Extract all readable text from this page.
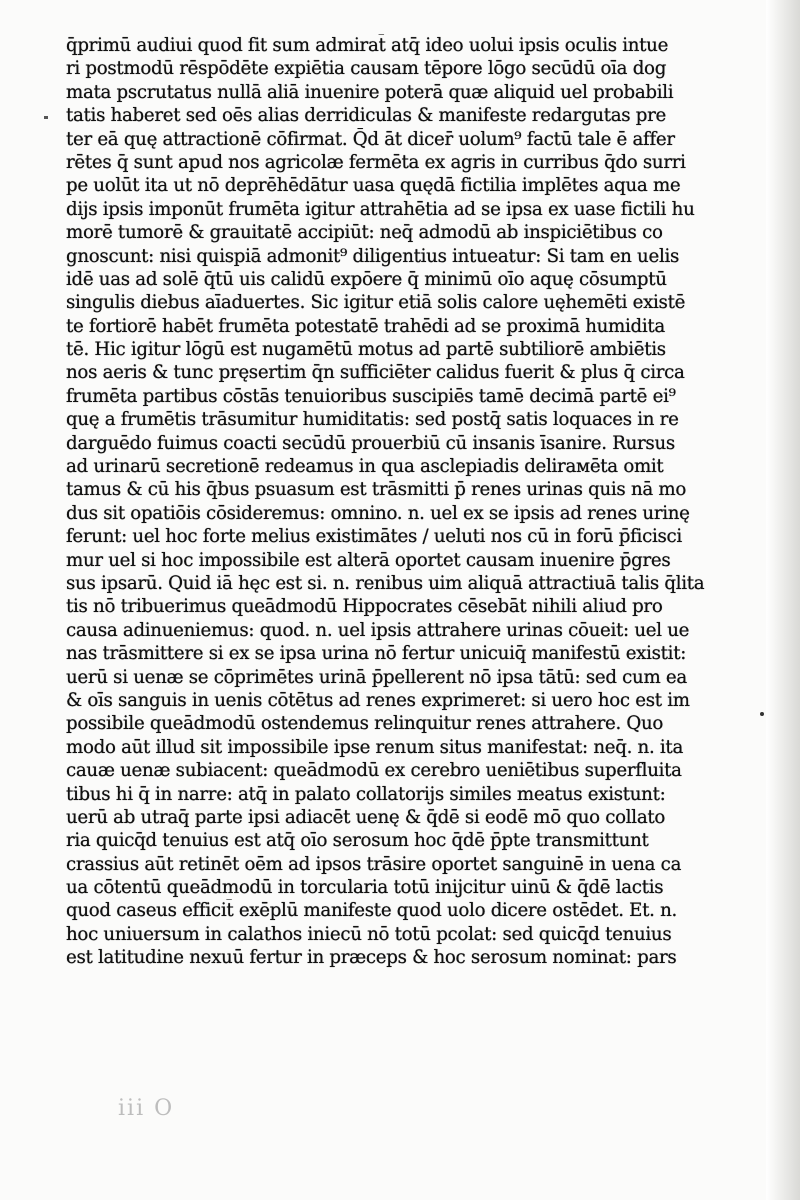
q̄primū audiui quod fit sum admirat̄ atq̄ ideo uolui ipsis oculis intue
ri postmodū rēspōdēte expiētia causam tēpore lōgo secūdū oīa dog
mata pscrutatus nullā aliā inuenire poterā quæ aliquid uel probabili
tatis haberet sed oēs alias derridiculas & manifeste redargutas pre
ter eā quę attractionē cōfirmat. Q̄d āt dicer̄ uolum⁹ factū tale ē affer
rētes q̄ sunt apud nos agricolæ fermēta ex agris in curribus q̄do surri
pe uolūt ita ut nō deprēhēdātur uasa quędā fictilia implētes aqua me
dijs ipsis imponūt frumēta igitur attrahētia ad se ipsa ex uase fictili hu
morē tumorē & grauitatē accipiūt: neq̄ admodū ab inspiciētibus co
gnoscunt: nisi quispiā admonit⁹ diligentius intueatur: Si tam en uelis
idē uas ad solē q̄tū uis calidū expōere q̄ minimū oīo aquę cōsumptū
singulis diebus aīaduertes. Sic igitur etiā solis calore uęhemēti existē
te fortiorē habēt frumēta potestatē trahēdi ad se proximā humidita
tē. Hic igitur lōgū est nugamētū motus ad partē subtiliorē ambiētis
nos aeris & tunc pręsertim q̄n sufficiēter calidus fuerit & plus q̄ circa
frumēta partibus cōstās tenuioribus suscipiēs tamē decimā partē ei⁹
quę a frumētis trāsumitur humiditatis: sed postq̄ satis loquaces in re
darguēdo fuimus coacti secūdū prouerbiū cū insanis īsanire. Rursus
ad urinarū secretionē redeamus in qua asclepiadis delirамēta omit
tamus & cū his q̄bus psuasum est trāsmitti p̄ renes urinas quis nā mo
dus sit opatiōis cōsideremus: omnino. n. uel ex se ipsis ad renes urinę
ferunt: uel hoc forte melius existimātes / ueluti nos cū in forū p̄ficisci
mur uel si hoc impossibile est alterā oportet causam inuenire p̄gres
sus ipsarū. Quid iā hęc est si. n. renibus uim aliquā attractiuā talis q̄lita
tis nō tribuerimus queādmodū Hippocrates cēsebāt nihili aliud pro
causa adinueniemus: quod. n. uel ipsis attrahere urinas cōueit: uel ue
nas trāsmittere si ex se ipsa urina nō fertur unicuiq̄ manifestū existit:
uerū si uenæ se cōprimētes urinā p̄pellerent nō ipsa tātū: sed cum ea
& oīs sanguis in uenis cōtētus ad renes exprimeret: si uero hoc est im
possibile queādmodū ostendemus relinquitur renes attrahere. Quo
modo aūt illud sit impossibile ipse renum situs manifestat: neq̄. n. ita
cauæ uenæ subiacent: queādmodū ex cerebro ueniētibus superfluita
tibus hi q̄ in narre: atq̄ in palato collatorijs similes meatus existunt:
uerū ab utraq̄ parte ipsi adiacēt uenę & q̄dē si eodē mō quo collato
ria quicq̄d tenuius est atq̄ oīo serosum hoc q̄dē p̄pte transmittunt
crassius aūt retinēt oēm ad ipsos trāsire oportet sanguinē in uena ca
ua cōtentū queādmodū in torcularia totū inijcitur uinū & q̄dē lactis
quod caseus efficit̄ exēplū manifeste quod uolo dicere ostēdet. Et. n.
hoc uniuersum in calathos iniecū nō totū pcolat: sed quicq̄d tenuius
est latitudine nexuū fertur in præceps & hoc serosum nominat: pars
iii O
